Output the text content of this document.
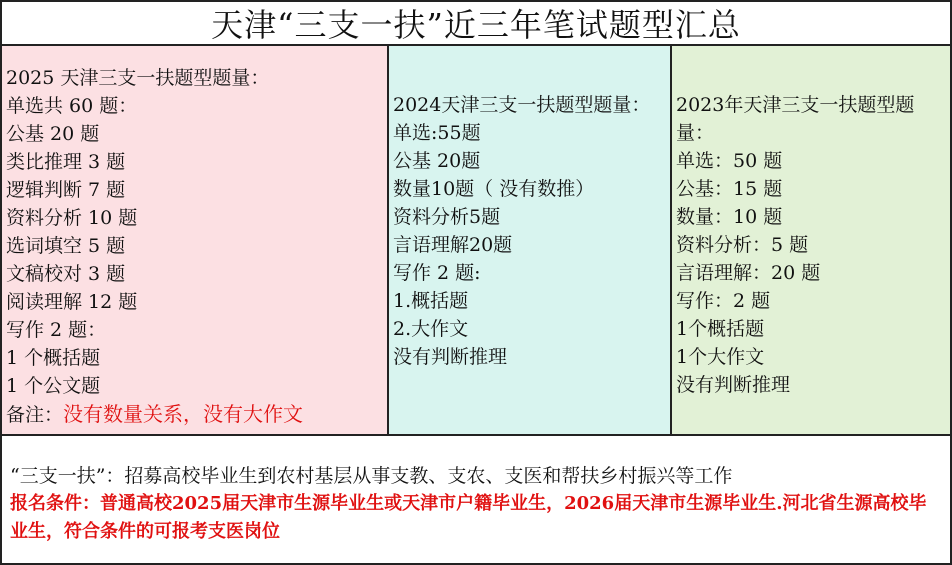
天津“三支一扶”近三年笔试题型汇总
2025 天津三支一扶题型题量：
单选共 60 题：
公基 20 题
类比推理 3 题
逻辑判断 7 题
资料分析 10 题
选词填空 5 题
文稿校对 3 题
阅读理解 12 题
写作 2 题：
1 个概括题
1 个公文题
备注：没有数量关系，没有大作文
2024天津三支一扶题型题量：
单选:55题
公基 20题
数量10题（ 没有数推）
资料分析5题
言语理解20题
写作 2 题:
1.概括题
2.大作文
没有判断推理
2023年天津三支一扶题型题量：
单选：50 题
公基：15 题
数量：10 题
资料分析：5 题
言语理解：20 题
写作：2 题
1个概括题
1个大作文
没有判断推理
“三支一扶”：招募高校毕业生到农村基层从事支教、支农、支医和帮扶乡村振兴等工作
报名条件：普通高校2025届天津市生源毕业生或天津市户籍毕业生，2026届天津市生源毕业生.河北省生源高校毕业生，符合条件的可报考支医岗位
